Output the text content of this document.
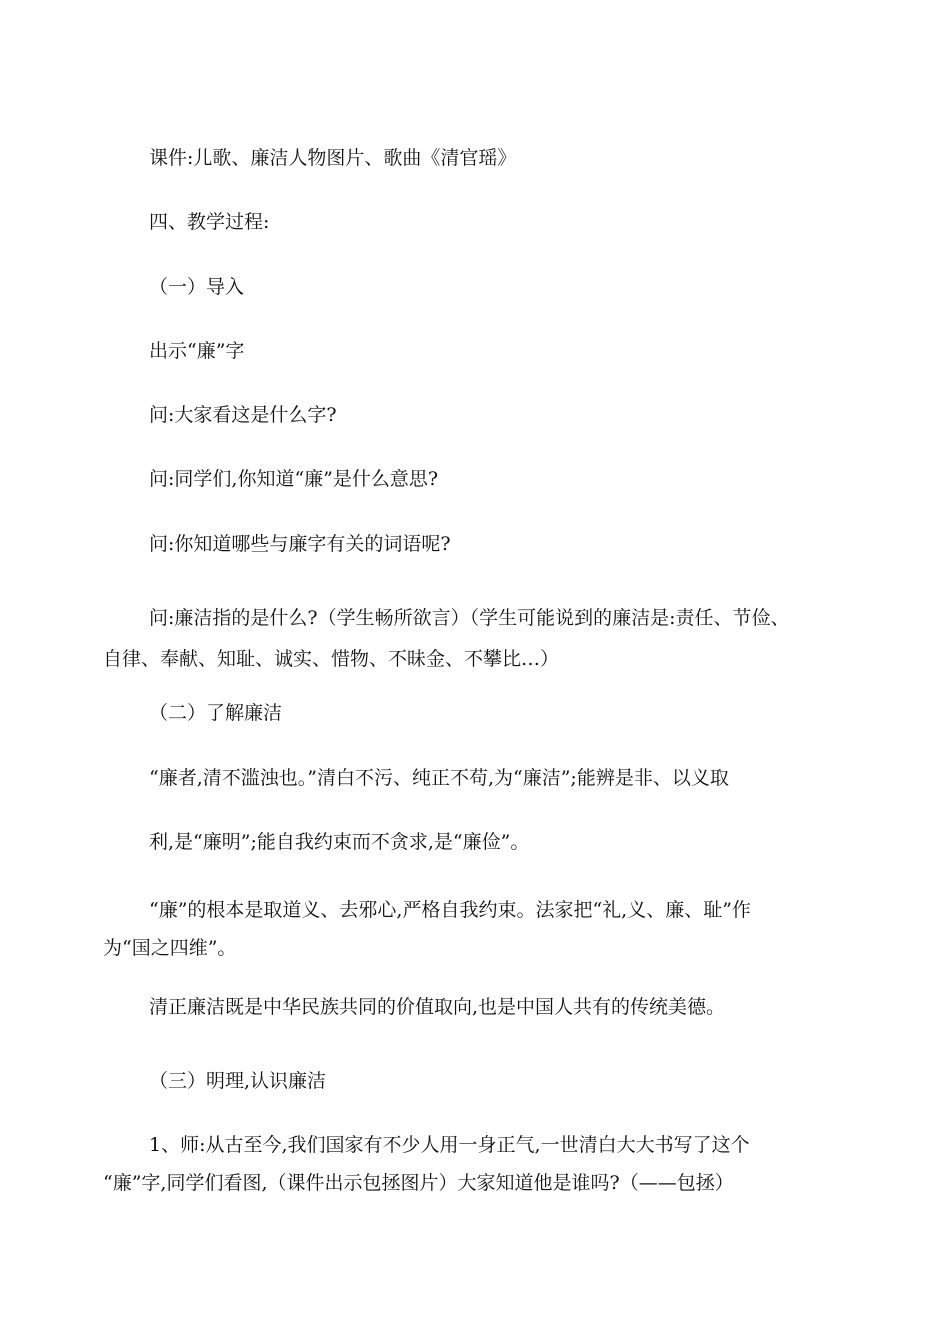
课件:儿歌、廉洁人物图片、歌曲《清官瑶》

四、教学过程:

（一）导入

出示“廉”字

问:大家看这是什么字?

问:同学们,你知道“廉”是什么意思?

问:你知道哪些与廉字有关的词语呢?

问:廉洁指的是什么?（学生畅所欲言）（学生可能说到的廉洁是:责任、节俭、

自律、奉献、知耻、诚实、惜物、不昧金、不攀比…）

（二）了解廉洁

“廉者,清不滥浊也。”清白不污、纯正不苟,为“廉洁”;能辨是非、以义取

利,是“廉明”;能自我约束而不贪求,是“廉俭”。

“廉”的根本是取道义、去邪心,严格自我约束。法家把“礼,义、廉、耻”作

为“国之四维”。

清正廉洁既是中华民族共同的价值取向,也是中国人共有的传统美德。

（三）明理,认识廉洁

1、师:从古至今,我们国家有不少人用一身正气,一世清白大大书写了这个

“廉”字,同学们看图,（课件出示包拯图片）大家知道他是谁吗?（——包拯）
